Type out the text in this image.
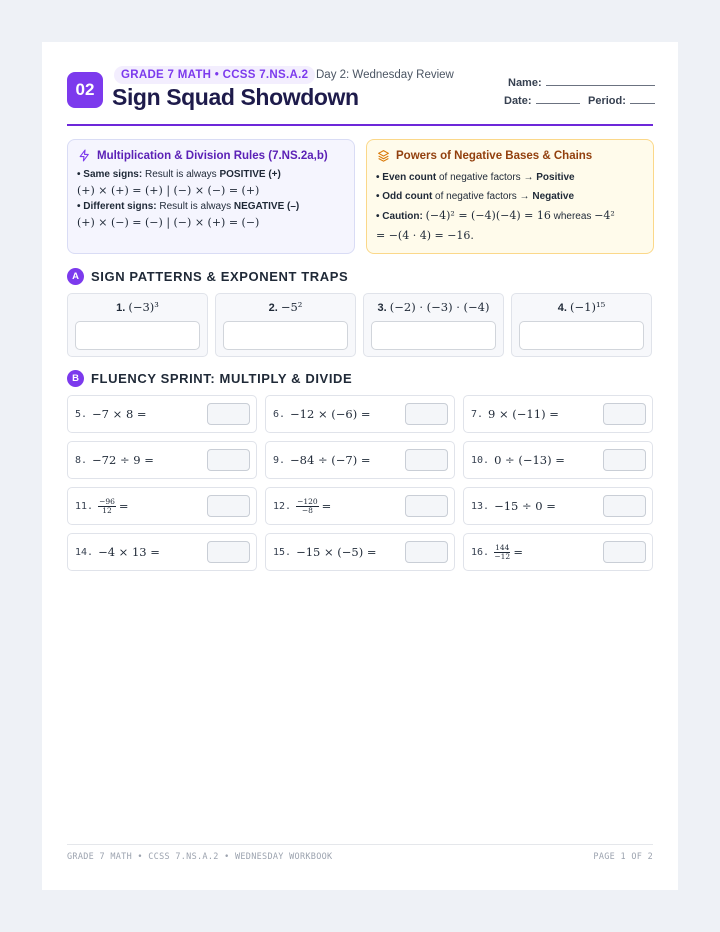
02
GRADE 7 MATH • CCSS 7.NS.A.2 Day 2: Wednesday Review
Sign Squad Showdown
Name:
Date:	Period:
Multiplication & Division Rules (7.NS.2a,b)
• Same signs: Result is always POSITIVE (+)
(+) × (+) = (+) | (−) × (−) = (+)
• Different signs: Result is always NEGATIVE (–)
(+) × (−) = (−) | (−) × (+) = (−)
Powers of Negative Bases & Chains
• Even count of negative factors → Positive
• Odd count of negative factors → Negative
• Caution: (−4)² = (−4)(−4) = 16 whereas −4²
= −(4 · 4) = −16.
A SIGN PATTERNS & EXPONENT TRAPS
1. (−3)³	2. −5²	3. (−2) · (−3) · (−4)	4. (−1)¹⁵
B FLUENCY SPRINT: MULTIPLY & DIVIDE
5. −7 × 8 =	6. −12 × (−6) =	7. 9 × (−11) =
8. −72 ÷ 9 =	9. −84 ÷ (−7) =	10. 0 ÷ (−13) =
11. $\frac{-96}{12}$ =	12. $\frac{-120}{-8}$ =	13. −15 ÷ 0 =
14. −4 × 13 =	15. −15 × (−5) =	16. $\frac{144}{-12}$ =
GRADE 7 MATH • CCSS 7.NS.A.2 • WEDNESDAY WORKBOOK	PAGE 1 OF 2
